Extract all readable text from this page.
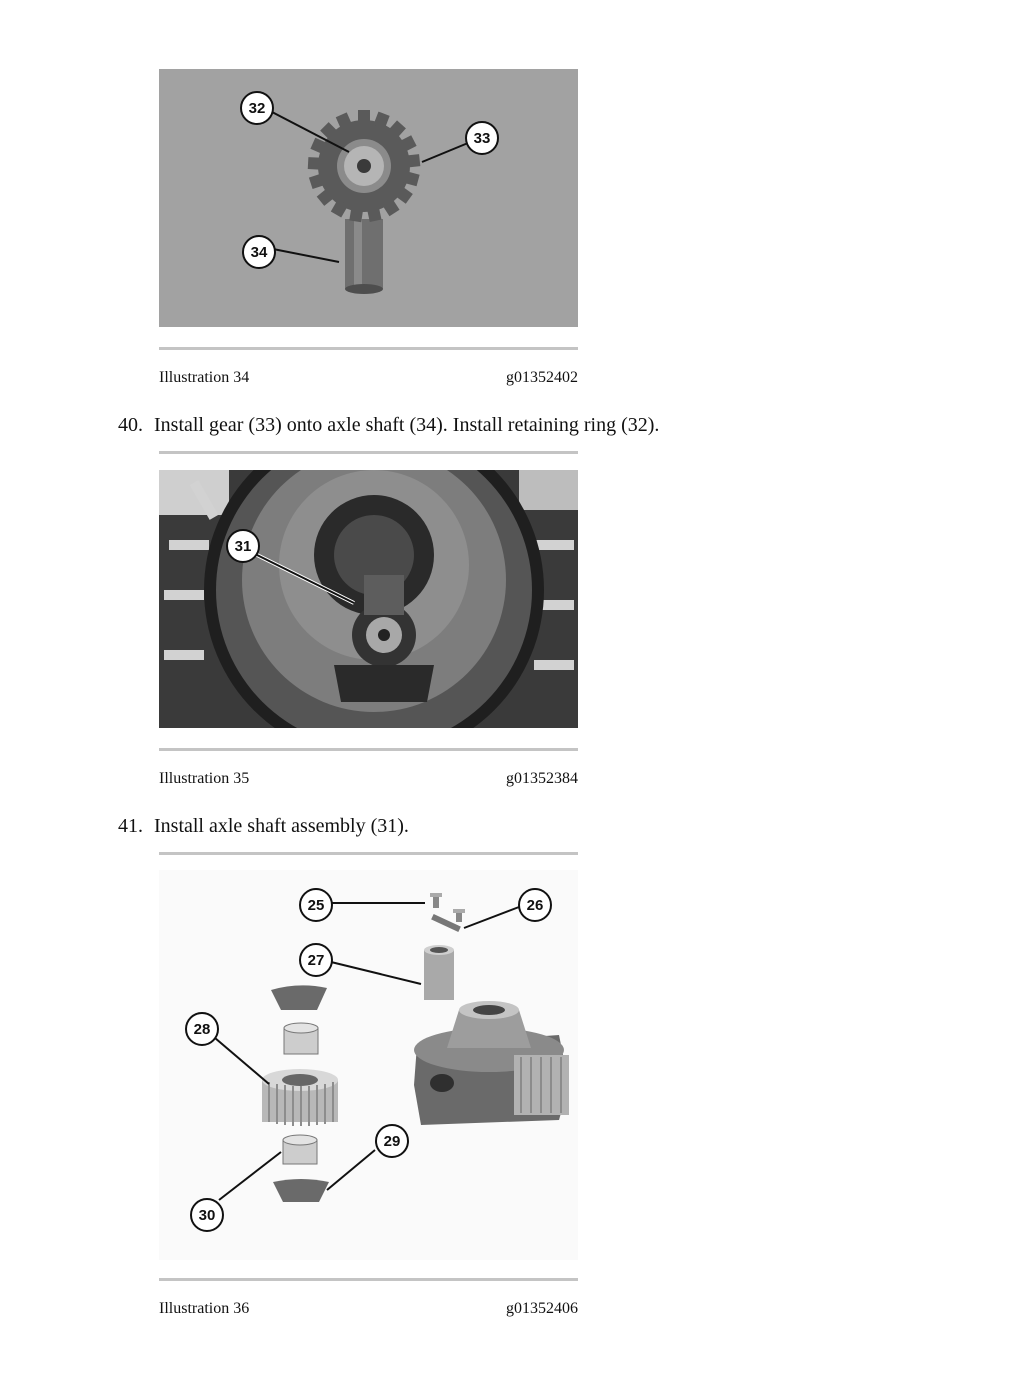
32
33
34
Illustration 34	g01352402
40. Install gear (33) onto axle shaft (34). Install retaining ring (32).
31
Illustration 35	g01352384
41. Install axle shaft assembly (31).
25	26
27
28
29
30
Illustration 36	g01352406
